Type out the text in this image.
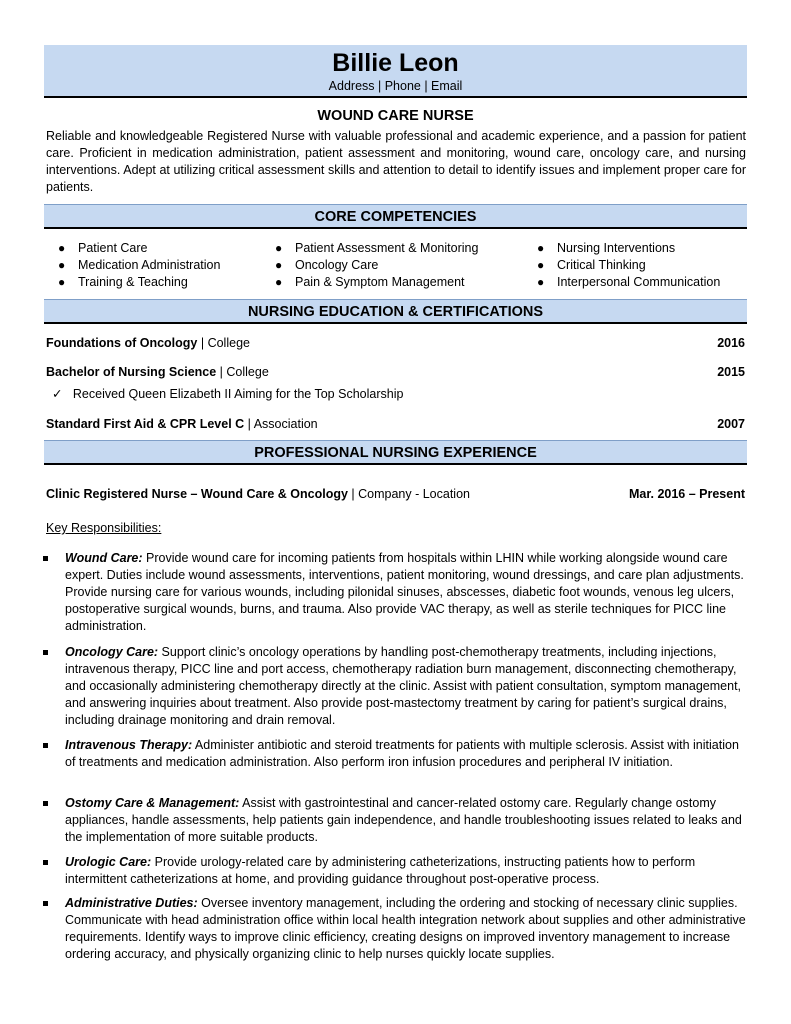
Billie Leon
Address | Phone | Email
WOUND CARE NURSE
Reliable and knowledgeable Registered Nurse with valuable professional and academic experience, and a passion for patient care. Proficient in medication administration, patient assessment and monitoring, wound care, oncology care, and nursing interventions. Adept at utilizing critical assessment skills and attention to detail to identify issues and implement proper care for patients.
CORE COMPETENCIES
● Patient Care
● Medication Administration
● Training & Teaching
● Patient Assessment & Monitoring
● Oncology Care
● Pain & Symptom Management
● Nursing Interventions
● Critical Thinking
● Interpersonal Communication
NURSING EDUCATION & CERTIFICATIONS
Foundations of Oncology | College	2016
Bachelor of Nursing Science | College	2015
✓ Received Queen Elizabeth II Aiming for the Top Scholarship
Standard First Aid & CPR Level C | Association	2007
PROFESSIONAL NURSING EXPERIENCE
Clinic Registered Nurse – Wound Care & Oncology | Company - Location	Mar. 2016 – Present
Key Responsibilities:
Wound Care: Provide wound care for incoming patients from hospitals within LHIN while working alongside wound care expert. Duties include wound assessments, interventions, patient monitoring, wound dressings, and care plan adjustments. Provide nursing care for various wounds, including pilonidal sinuses, abscesses, diabetic foot wounds, venous leg ulcers, postoperative surgical wounds, burns, and trauma. Also provide VAC therapy, as well as sterile techniques for PICC line administration.
Oncology Care: Support clinic’s oncology operations by handling post-chemotherapy treatments, including injections, intravenous therapy, PICC line and port access, chemotherapy radiation burn management, disconnecting chemotherapy, and occasionally administering chemotherapy directly at the clinic. Assist with patient consultation, symptom management, and answering inquiries about treatment. Also provide post-mastectomy treatment by caring for patient’s surgical drains, including drainage monitoring and drain removal.
Intravenous Therapy: Administer antibiotic and steroid treatments for patients with multiple sclerosis. Assist with initiation of treatments and medication administration. Also perform iron infusion procedures and peripheral IV initiation.
Ostomy Care & Management: Assist with gastrointestinal and cancer-related ostomy care. Regularly change ostomy appliances, handle assessments, help patients gain independence, and handle troubleshooting issues related to leaks and the implementation of more suitable products.
Urologic Care: Provide urology-related care by administering catheterizations, instructing patients how to perform intermittent catheterizations at home, and providing guidance throughout post-operative process.
Administrative Duties: Oversee inventory management, including the ordering and stocking of necessary clinic supplies. Communicate with head administration office within local health integration network about supplies and other administrative requirements. Identify ways to improve clinic efficiency, creating designs on improved inventory management to increase ordering accuracy, and physically organizing clinic to help nurses quickly locate supplies.
